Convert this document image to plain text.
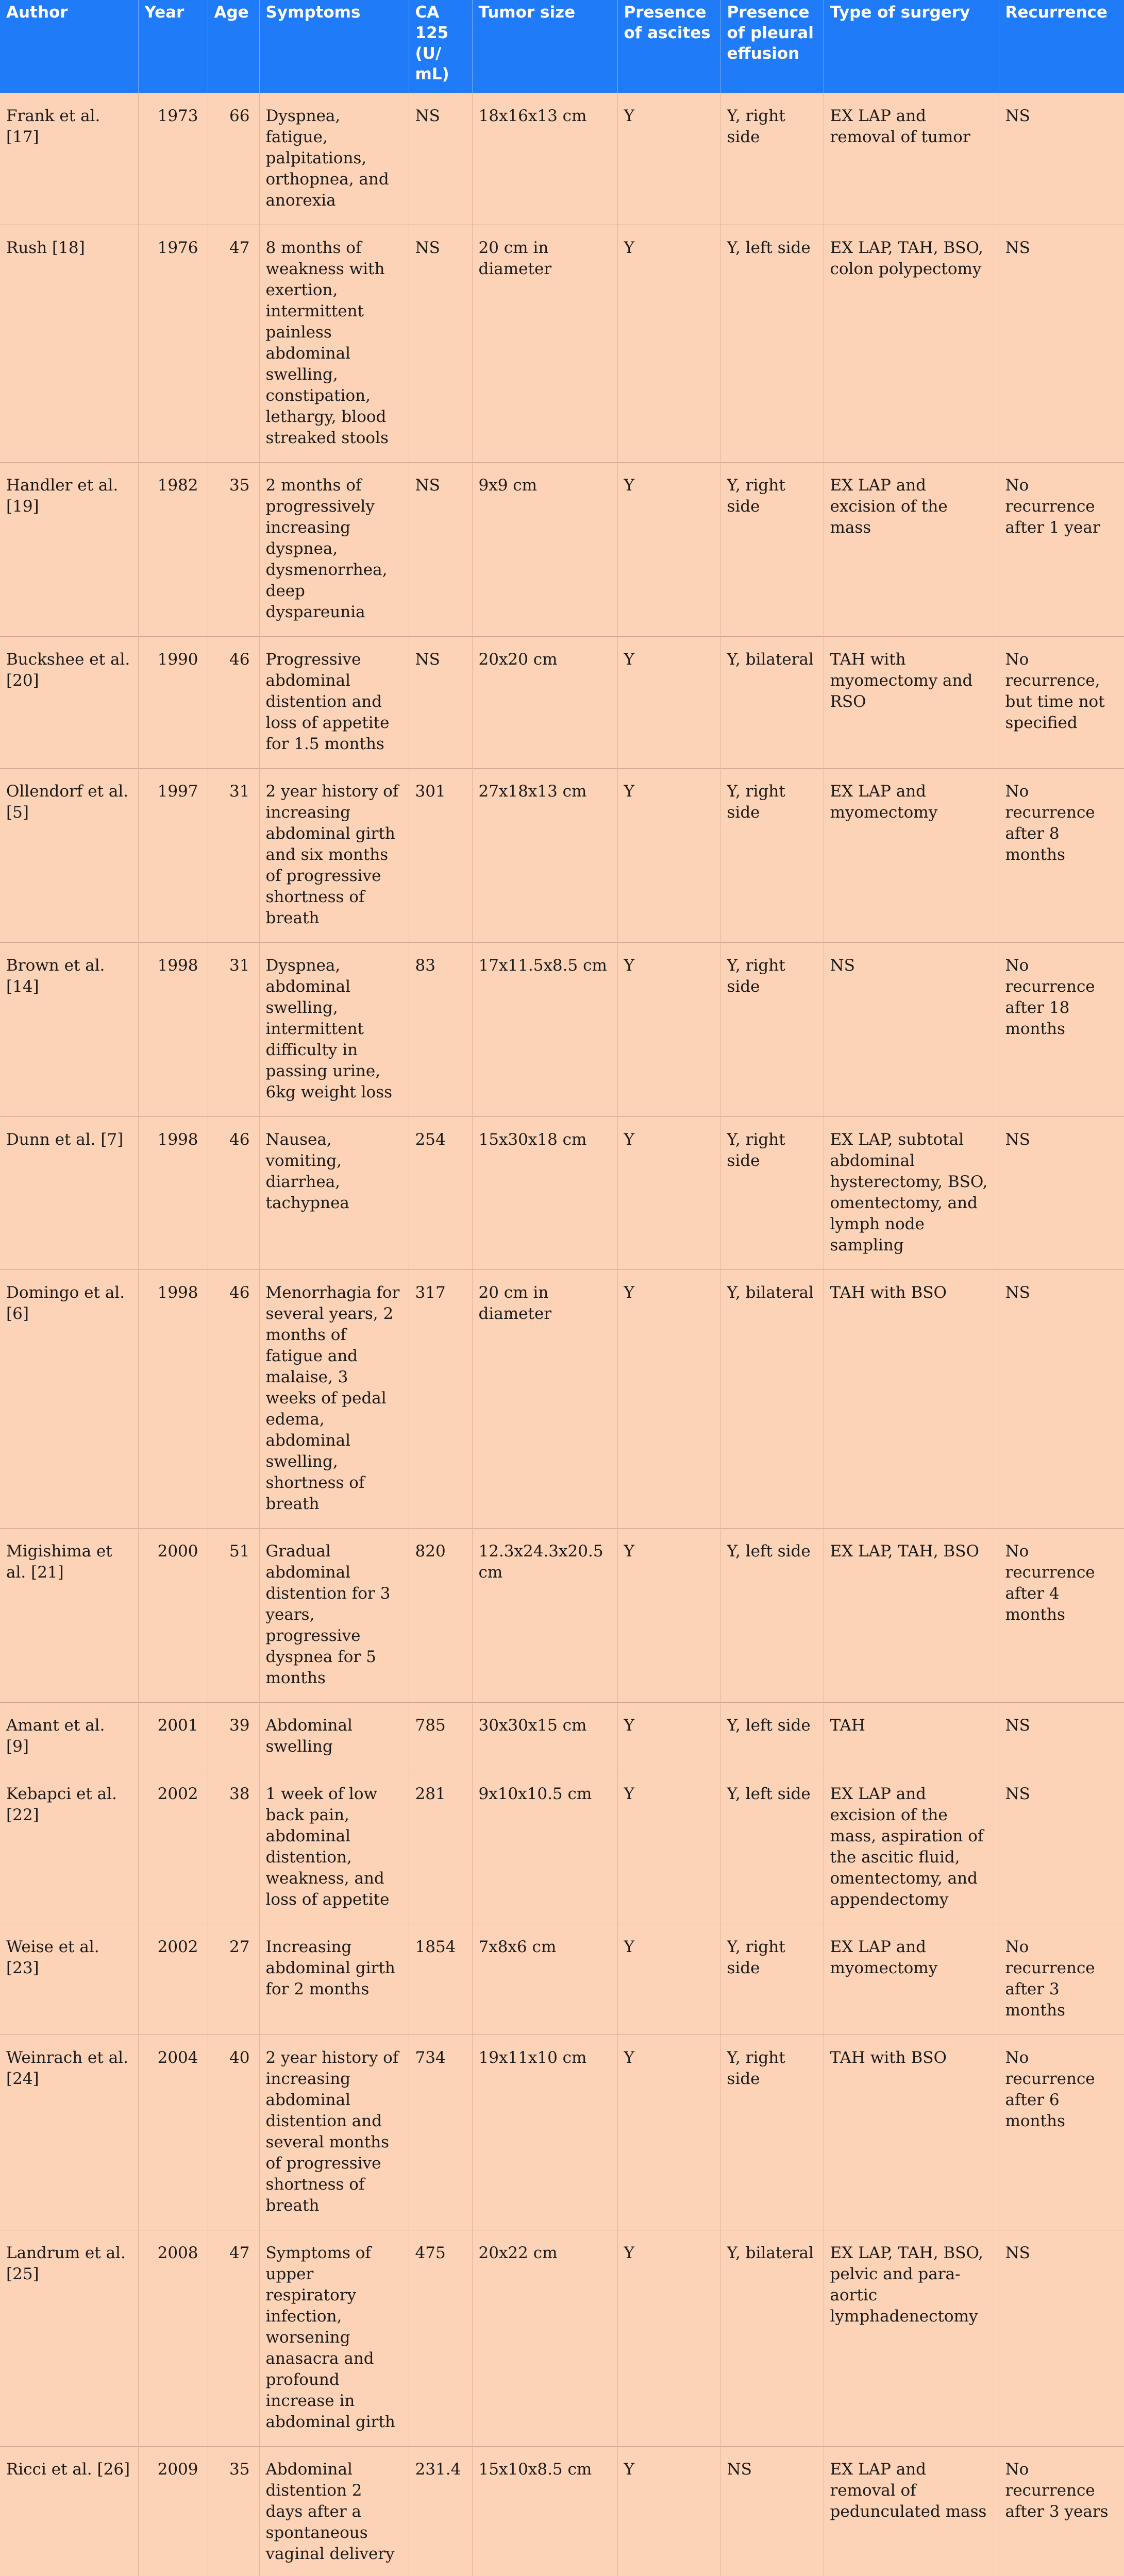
Author	Year	Age	Symptoms	CA 125 (U/ mL)	Tumor size	Presence of ascites	Presence of pleural effusion	Type of surgery	Recurrence
Frank et al. [17]	1973	66	Dyspnea, fatigue, palpitations, orthopnea, and anorexia	NS	18x16x13 cm	Y	Y, right side	EX LAP and removal of tumor	NS
Rush [18]	1976	47	8 months of weakness with exertion, intermittent painless abdominal swelling, constipation, lethargy, blood streaked stools	NS	20 cm in diameter	Y	Y, left side	EX LAP, TAH, BSO, colon polypectomy	NS
Handler et al. [19]	1982	35	2 months of progressively increasing dyspnea, dysmenorrhea, deep dyspareunia	NS	9x9 cm	Y	Y, right side	EX LAP and excision of the mass	No recurrence after 1 year
Buckshee et al. [20]	1990	46	Progressive abdominal distention and loss of appetite for 1.5 months	NS	20x20 cm	Y	Y, bilateral	TAH with myomectomy and RSO	No recurrence, but time not specified
Ollendorf et al. [5]	1997	31	2 year history of increasing abdominal girth and six months of progressive shortness of breath	301	27x18x13 cm	Y	Y, right side	EX LAP and myomectomy	No recurrence after 8 months
Brown et al. [14]	1998	31	Dyspnea, abdominal swelling, intermittent difficulty in passing urine, 6kg weight loss	83	17x11.5x8.5 cm	Y	Y, right side	NS	No recurrence after 18 months
Dunn et al. [7]	1998	46	Nausea, vomiting, diarrhea, tachypnea	254	15x30x18 cm	Y	Y, right side	EX LAP, subtotal abdominal hysterectomy, BSO, omentectomy, and lymph node sampling	NS
Domingo et al. [6]	1998	46	Menorrhagia for several years, 2 months of fatigue and malaise, 3 weeks of pedal edema, abdominal swelling, shortness of breath	317	20 cm in diameter	Y	Y, bilateral	TAH with BSO	NS
Migishima et al. [21]	2000	51	Gradual abdominal distention for 3 years, progressive dyspnea for 5 months	820	12.3x24.3x20.5 cm	Y	Y, left side	EX LAP, TAH, BSO	No recurrence after 4 months
Amant et al. [9]	2001	39	Abdominal swelling	785	30x30x15 cm	Y	Y, left side	TAH	NS
Kebapci et al. [22]	2002	38	1 week of low back pain, abdominal distention, weakness, and loss of appetite	281	9x10x10.5 cm	Y	Y, left side	EX LAP and excision of the mass, aspiration of the ascitic fluid, omentectomy, and appendectomy	NS
Weise et al. [23]	2002	27	Increasing abdominal girth for 2 months	1854	7x8x6 cm	Y	Y, right side	EX LAP and myomectomy	No recurrence after 3 months
Weinrach et al. [24]	2004	40	2 year history of increasing abdominal distention and several months of progressive shortness of breath	734	19x11x10 cm	Y	Y, right side	TAH with BSO	No recurrence after 6 months
Landrum et al. [25]	2008	47	Symptoms of upper respiratory infection, worsening anasacra and profound increase in abdominal girth	475	20x22 cm	Y	Y, bilateral	EX LAP, TAH, BSO, pelvic and para-aortic lymphadenectomy	NS
Ricci et al. [26]	2009	35	Abdominal distention 2 days after a spontaneous vaginal delivery	231.4	15x10x8.5 cm	Y	NS	EX LAP and removal of pedunculated mass	No recurrence after 3 years
